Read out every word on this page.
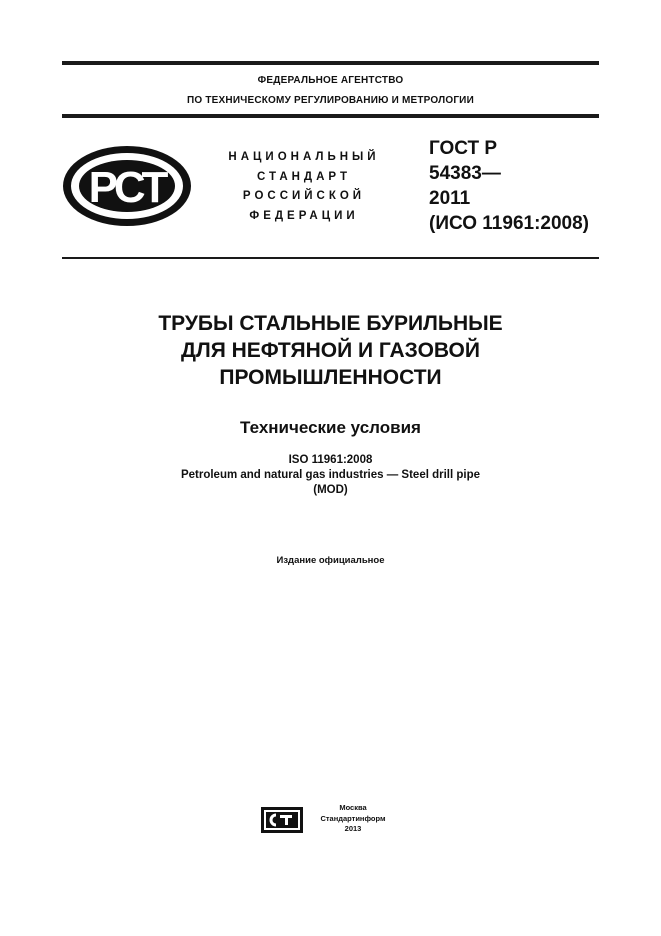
ФЕДЕРАЛЬНОЕ АГЕНТСТВО
ПО ТЕХНИЧЕСКОМУ РЕГУЛИРОВАНИЮ И МЕТРОЛОГИИ
РСТ
НАЦИОНАЛЬНЫЙ
СТАНДАРТ
РОССИЙСКОЙ
ФЕДЕРАЦИИ
ГОСТ Р
54383—
2011
(ИСО 11961:2008)
ТРУБЫ СТАЛЬНЫЕ БУРИЛЬНЫЕ
ДЛЯ НЕФТЯНОЙ И ГАЗОВОЙ
ПРОМЫШЛЕННОСТИ
Технические условия
ISO 11961:2008
Petroleum and natural gas industries — Steel drill pipe
(MOD)
Издание официальное
Москва
Стандартинформ
2013
